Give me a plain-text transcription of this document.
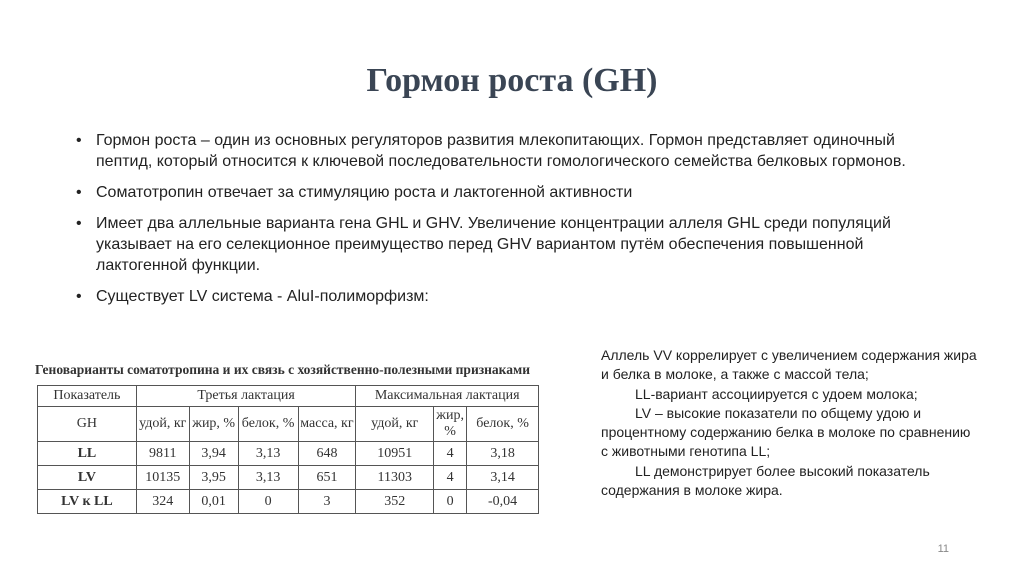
Гормон роста (GH)
• Гормон роста – один из основных регуляторов развития млекопитающих. Гормон представляет одиночный пептид, который относится к ключевой последовательности гомологического семейства белковых гормонов.
• Соматотропин отвечает за стимуляцию роста и лактогенной активности
• Имеет два аллельные варианта гена GHL и GHV. Увеличение концентрации аллеля GHL среди популяций указывает на его селекционное преимущество перед GHV вариантом путём обеспечения повышенной лактогенной функции.
• Существует LV система - AluI-полиморфизм:
Геноварианты соматотропина и их связь с хозяйственно-полезными признаками
Показатель	Третья лактация				Максимальная лактация		
GH	удой, кг	жир, %	белок, %	масса, кг	удой, кг	жир, %	белок, %
LL	9811	3,94	3,13	648	10951	4	3,18
LV	10135	3,95	3,13	651	11303	4	3,14
LV к LL	324	0,01	0	3	352	0	-0,04

Аллель VV коррелирует с увеличением содержания жира и белка в молоке, а также с массой тела;

LL-вариант ассоциируется с удоем молока;

LV – высокие показатели по общему удою и процентному содержанию белка в молоке по сравнению с животными генотипа LL;

LL демонстрирует более высокий показатель содержания в молоке жира.

11
